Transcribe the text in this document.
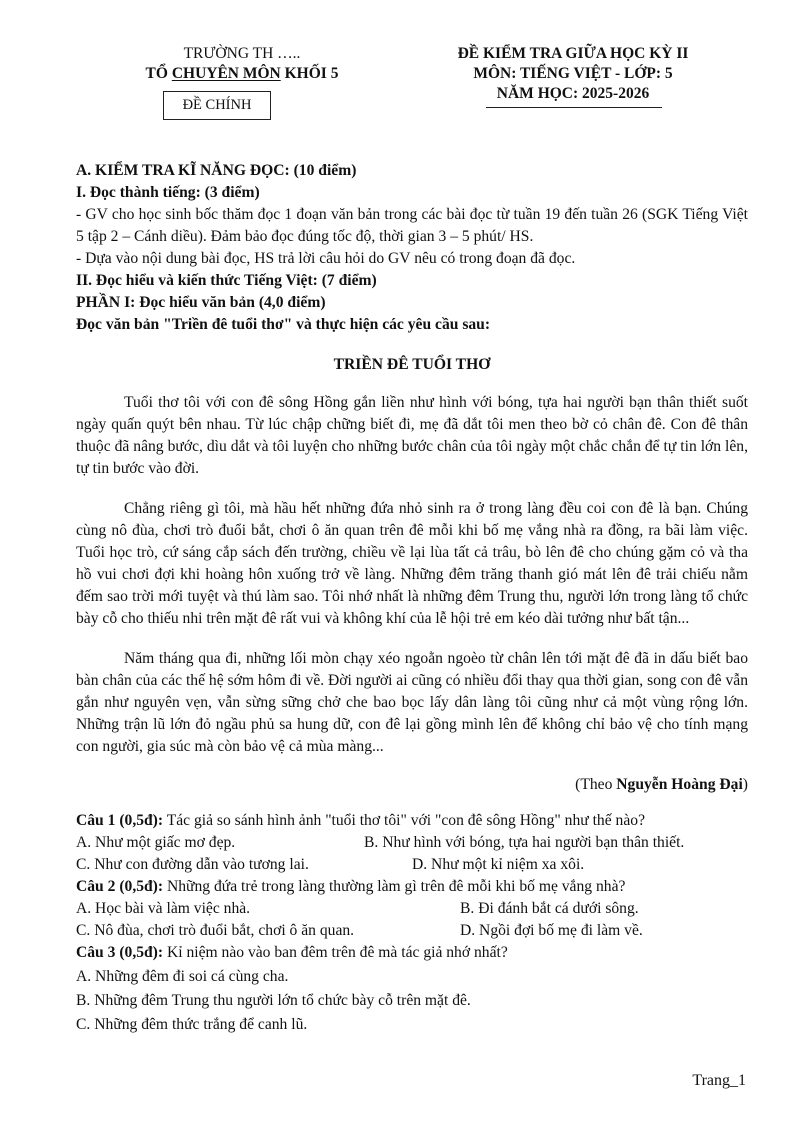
TRƯỜNG TH …..
TỔ CHUYÊN MÔN KHỐI 5
ĐỀ CHÍNH
ĐỀ KIỂM TRA GIỮA HỌC KỲ II
MÔN: TIẾNG VIỆT - LỚP: 5
NĂM HỌC: 2025-2026

A. KIỂM TRA KĨ NĂNG ĐỌC: (10 điểm)

I. Đọc thành tiếng: (3 điểm)

- GV cho học sinh bốc thăm đọc 1 đoạn văn bản trong các bài đọc từ tuần 19 đến tuần 26 (SGK Tiếng Việt 5 tập 2 – Cánh diều). Đảm bảo đọc đúng tốc độ, thời gian 3 – 5 phút/ HS.

- Dựa vào nội dung bài đọc, HS trả lời câu hỏi do GV nêu có trong đoạn đã đọc.

II. Đọc hiểu và kiến thức Tiếng Việt: (7 điểm)

PHẦN I: Đọc hiểu văn bản (4,0 điểm)

Đọc văn bản "Triền đê tuổi thơ" và thực hiện các yêu cầu sau:

TRIỀN ĐÊ TUỔI THƠ

Tuổi thơ tôi với con đê sông Hồng gắn liền như hình với bóng, tựa hai người bạn thân thiết suốt ngày quấn quýt bên nhau. Từ lúc chập chững biết đi, mẹ đã dắt tôi men theo bờ cỏ chân đê. Con đê thân thuộc đã nâng bước, dìu dắt và tôi luyện cho những bước chân của tôi ngày một chắc chắn để tự tin lớn lên, tự tin bước vào đời.

Chẳng riêng gì tôi, mà hầu hết những đứa nhỏ sinh ra ở trong làng đều coi con đê là bạn. Chúng cùng nô đùa, chơi trò đuổi bắt, chơi ô ăn quan trên đê mỗi khi bố mẹ vắng nhà ra đồng, ra bãi làm việc. Tuổi học trò, cứ sáng cắp sách đến trường, chiều về lại lùa tất cả trâu, bò lên đê cho chúng gặm cỏ và tha hồ vui chơi đợi khi hoàng hôn xuống trở về làng. Những đêm trăng thanh gió mát lên đê trải chiếu nằm đếm sao trời mới tuyệt và thú làm sao. Tôi nhớ nhất là những đêm Trung thu, người lớn trong làng tổ chức bày cỗ cho thiếu nhi trên mặt đê rất vui và không khí của lễ hội trẻ em kéo dài tưởng như bất tận...

Năm tháng qua đi, những lối mòn chạy xéo ngoằn ngoèo từ chân lên tới mặt đê đã in dấu biết bao bàn chân của các thế hệ sớm hôm đi về. Đời người ai cũng có nhiều đổi thay qua thời gian, song con đê vẫn gắn như nguyên vẹn, vẫn sừng sững chở che bao bọc lấy dân làng tôi cũng như cả một vùng rộng lớn. Những trận lũ lớn đỏ ngầu phủ sa hung dữ, con đê lại gồng mình lên để không chỉ bảo vệ cho tính mạng con người, gia súc mà còn bảo vệ cả mùa màng...

(Theo Nguyễn Hoàng Đại)

Câu 1 (0,5đ): Tác giả so sánh hình ảnh "tuổi thơ tôi" với "con đê sông Hồng" như thế nào?

A. Như một giấc mơ đẹp.	B. Như hình với bóng, tựa hai người bạn thân thiết.
C. Như con đường dẫn vào tương lai.	D. Như một kỉ niệm xa xôi.

Câu 2 (0,5đ): Những đứa trẻ trong làng thường làm gì trên đê mỗi khi bố mẹ vắng nhà?

A. Học bài và làm việc nhà.	B. Đi đánh bắt cá dưới sông.
C. Nô đùa, chơi trò đuổi bắt, chơi ô ăn quan.	D. Ngồi đợi bố mẹ đi làm về.

Câu 3 (0,5đ): Kỉ niệm nào vào ban đêm trên đê mà tác giả nhớ nhất?

A. Những đêm đi soi cá cùng cha.

B. Những đêm Trung thu người lớn tổ chức bày cỗ trên mặt đê.

C. Những đêm thức trắng để canh lũ.

Trang_1
